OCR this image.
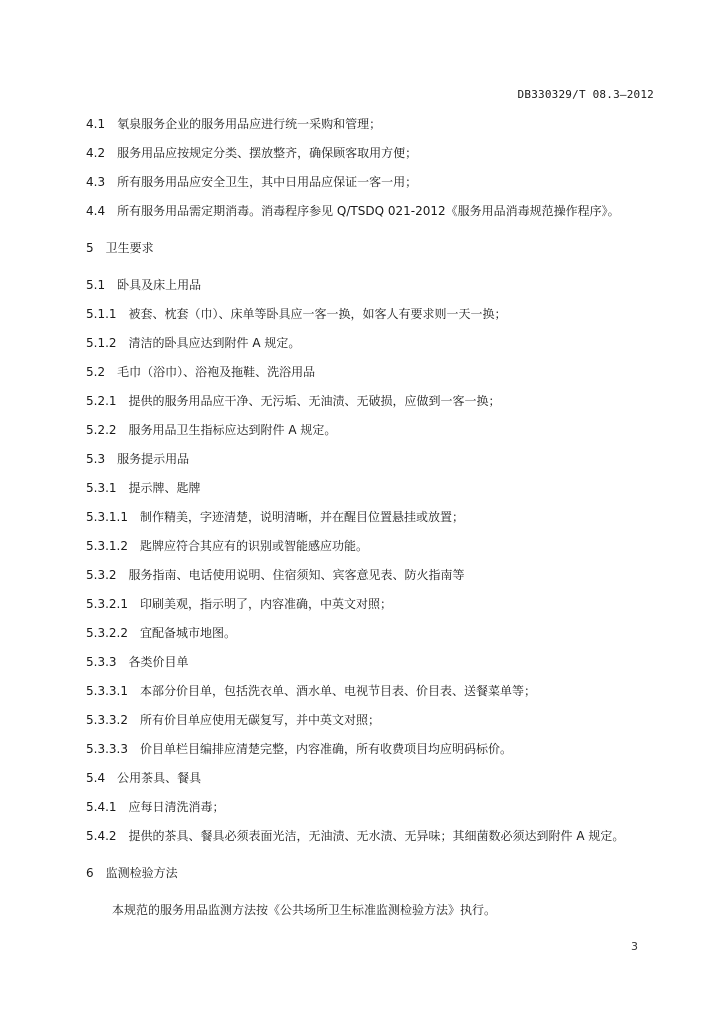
DB330329/T 08.3—2012
4.1 氡泉服务企业的服务用品应进行统一采购和管理；
4.2 服务用品应按规定分类、摆放整齐，确保顾客取用方便；
4.3 所有服务用品应安全卫生，其中日用品应保证一客一用；
4.4 所有服务用品需定期消毒。消毒程序参见 Q/TSDQ 021-2012《服务用品消毒规范操作程序》。
5 卫生要求
5.1 卧具及床上用品
5.1.1 被套、枕套（巾）、床单等卧具应一客一换，如客人有要求则一天一换；
5.1.2 清洁的卧具应达到附件 A 规定。
5.2 毛巾（浴巾）、浴袍及拖鞋、洗浴用品
5.2.1 提供的服务用品应干净、无污垢、无油渍、无破损，应做到一客一换；
5.2.2 服务用品卫生指标应达到附件 A 规定。
5.3 服务提示用品
5.3.1 提示牌、匙牌
5.3.1.1 制作精美，字迹清楚，说明清晰，并在醒目位置悬挂或放置；
5.3.1.2 匙牌应符合其应有的识别或智能感应功能。
5.3.2 服务指南、电话使用说明、住宿须知、宾客意见表、防火指南等
5.3.2.1 印刷美观，指示明了，内容准确，中英文对照；
5.3.2.2 宜配备城市地图。
5.3.3 各类价目单
5.3.3.1 本部分价目单，包括洗衣单、酒水单、电视节目表、价目表、送餐菜单等；
5.3.3.2 所有价目单应使用无碳复写，并中英文对照；
5.3.3.3 价目单栏目编排应清楚完整，内容准确，所有收费项目均应明码标价。
5.4 公用茶具、餐具
5.4.1 应每日清洗消毒；
5.4.2 提供的茶具、餐具必须表面光洁，无油渍、无水渍、无异味；其细菌数必须达到附件 A 规定。
6 监测检验方法
本规范的服务用品监测方法按《公共场所卫生标准监测检验方法》执行。
3
